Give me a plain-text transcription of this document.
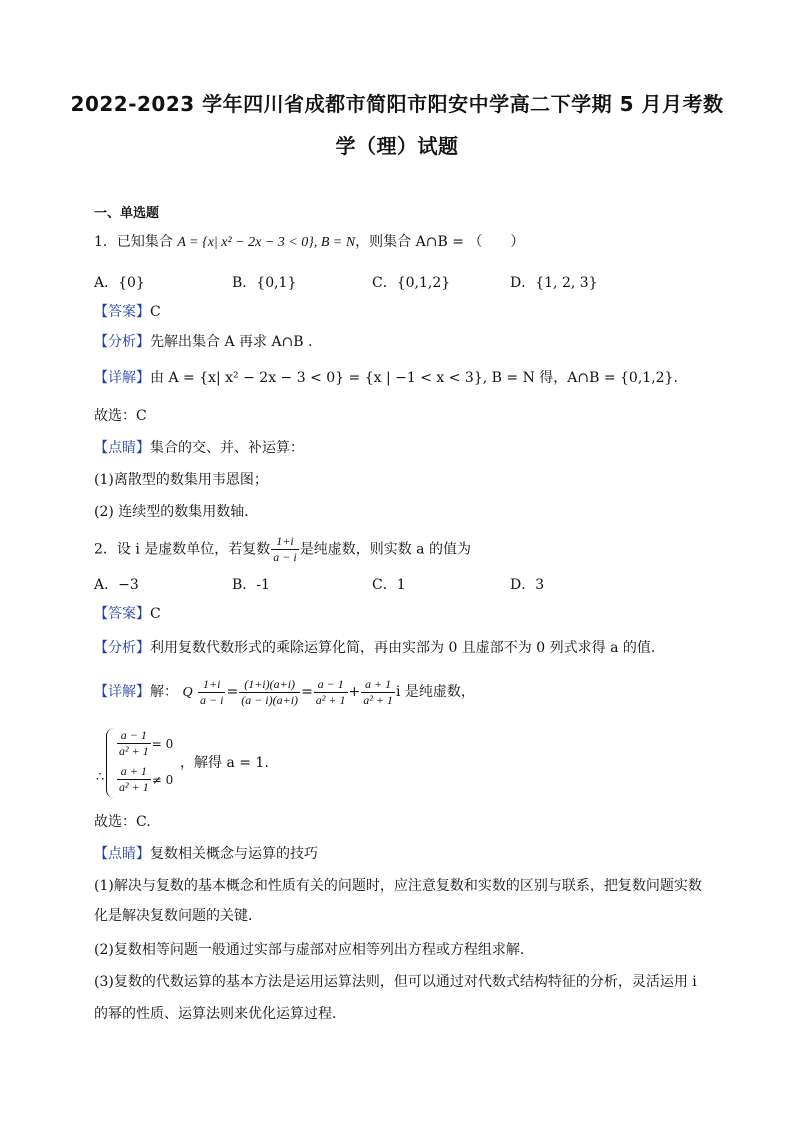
2022-2023 学年四川省成都市简阳市阳安中学高二下学期 5 月月考数
学（理）试题
一、单选题
1．已知集合 A = {x| x² − 2x − 3 < 0}, B = N，则集合 A∩B = （　　）
A．{0}	B．{0,1}	C．{0,1,2}	D．{1, 2, 3}
【答案】C
【分析】先解出集合 A 再求 A∩B .
【详解】由 A = {x| x² − 2x − 3 < 0} = {x | −1 < x < 3}, B = N 得，A∩B = {0,1,2}.
故选：C
【点睛】集合的交、并、补运算：
(1)离散型的数集用韦恩图；
(2) 连续型的数集用数轴．
2．设 i 是虚数单位，若复数 $\frac{1+i}{a - i}$ 是纯虚数，则实数 a 的值为
A．−3	B．-1	C．1	D．3
【答案】C
【分析】利用复数代数形式的乘除运算化简，再由实部为 0 且虚部不为 0 列式求得 a 的值.
【详解】解： Q $\frac{1+i}{a - i} = \frac{(1+i)(a+i)}{(a - i)(a+i)} = \frac{a - 1}{\text{a² + 1}} + \frac{a + 1}{\text{a² + 1}}$ i 是纯虚数，
∴
$\frac{a - 1}{\text{a² + 1}} = 0$
$\frac{a + 1}{\text{a² + 1}} \ne 0$
，解得 a = 1.
故选：C.
【点睛】复数相关概念与运算的技巧
(1)解决与复数的基本概念和性质有关的问题时，应注意复数和实数的区别与联系，把复数问题实数
化是解决复数问题的关键．
(2)复数相等问题一般通过实部与虚部对应相等列出方程或方程组求解．
(3)复数的代数运算的基本方法是运用运算法则，但可以通过对代数式结构特征的分析，灵活运用 i
的幂的性质、运算法则来优化运算过程．
